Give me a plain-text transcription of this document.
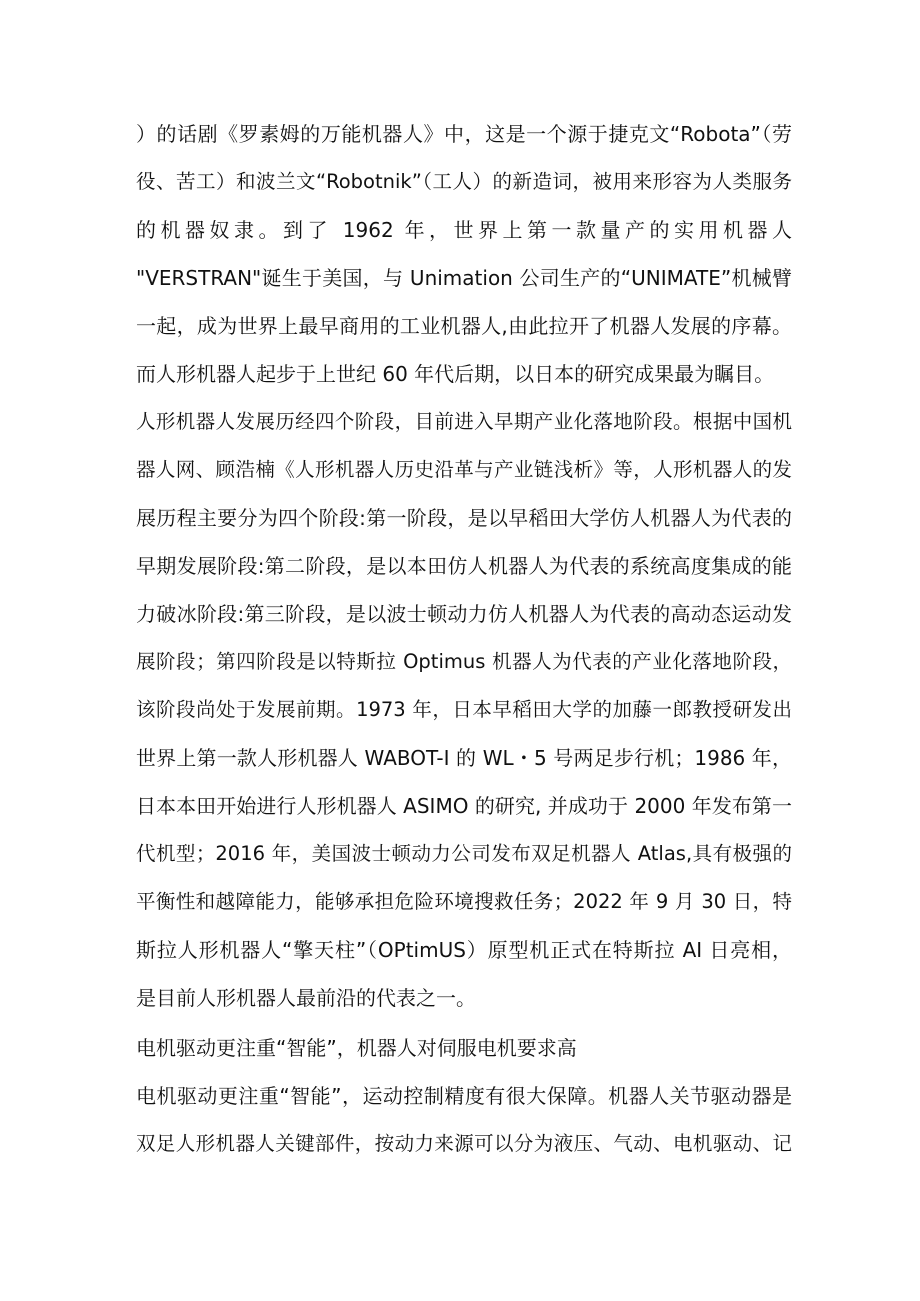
）的话剧《罗素姆的万能机器人》中，这是一个源于捷克文“Robota”（劳
役、苦工）和波兰文“Robotnik”（工人）的新造词，被用来形容为人类服务
的机器奴隶。到了 1962 年，世界上第一款量产的实用机器人
"VERSTRAN"诞生于美国，与 Unimation 公司生产的“UNIMATE”机械臂
一起，成为世界上最早商用的工业机器人,由此拉开了机器人发展的序幕。
而人形机器人起步于上世纪 60 年代后期，以日本的研究成果最为瞩目。
人形机器人发展历经四个阶段，目前进入早期产业化落地阶段。根据中国机
器人网、顾浩楠《人形机器人历史沿革与产业链浅析》等，人形机器人的发
展历程主要分为四个阶段:第一阶段，是以早稻田大学仿人机器人为代表的
早期发展阶段:第二阶段，是以本田仿人机器人为代表的系统高度集成的能
力破冰阶段:第三阶段，是以波士顿动力仿人机器人为代表的高动态运动发
展阶段；第四阶段是以特斯拉 Optimus 机器人为代表的产业化落地阶段，
该阶段尚处于发展前期。1973 年，日本早稻田大学的加藤一郎教授研发出
世界上第一款人形机器人 WABOT-I 的 WL・5 号两足步行机；1986 年，
日本本田开始进行人形机器人 ASIMO 的研究, 并成功于 2000 年发布第一
代机型；2016 年，美国波士顿动力公司发布双足机器人 Atlas,具有极强的
平衡性和越障能力，能够承担危险环境搜救任务；2022 年 9 月 30 日，特
斯拉人形机器人“擎天柱”（OPtimUS）原型机正式在特斯拉 AI 日亮相，
是目前人形机器人最前沿的代表之一。
电机驱动更注重“智能”，机器人对伺服电机要求高
电机驱动更注重“智能”，运动控制精度有很大保障。机器人关节驱动器是
双足人形机器人关键部件，按动力来源可以分为液压、气动、电机驱动、记
